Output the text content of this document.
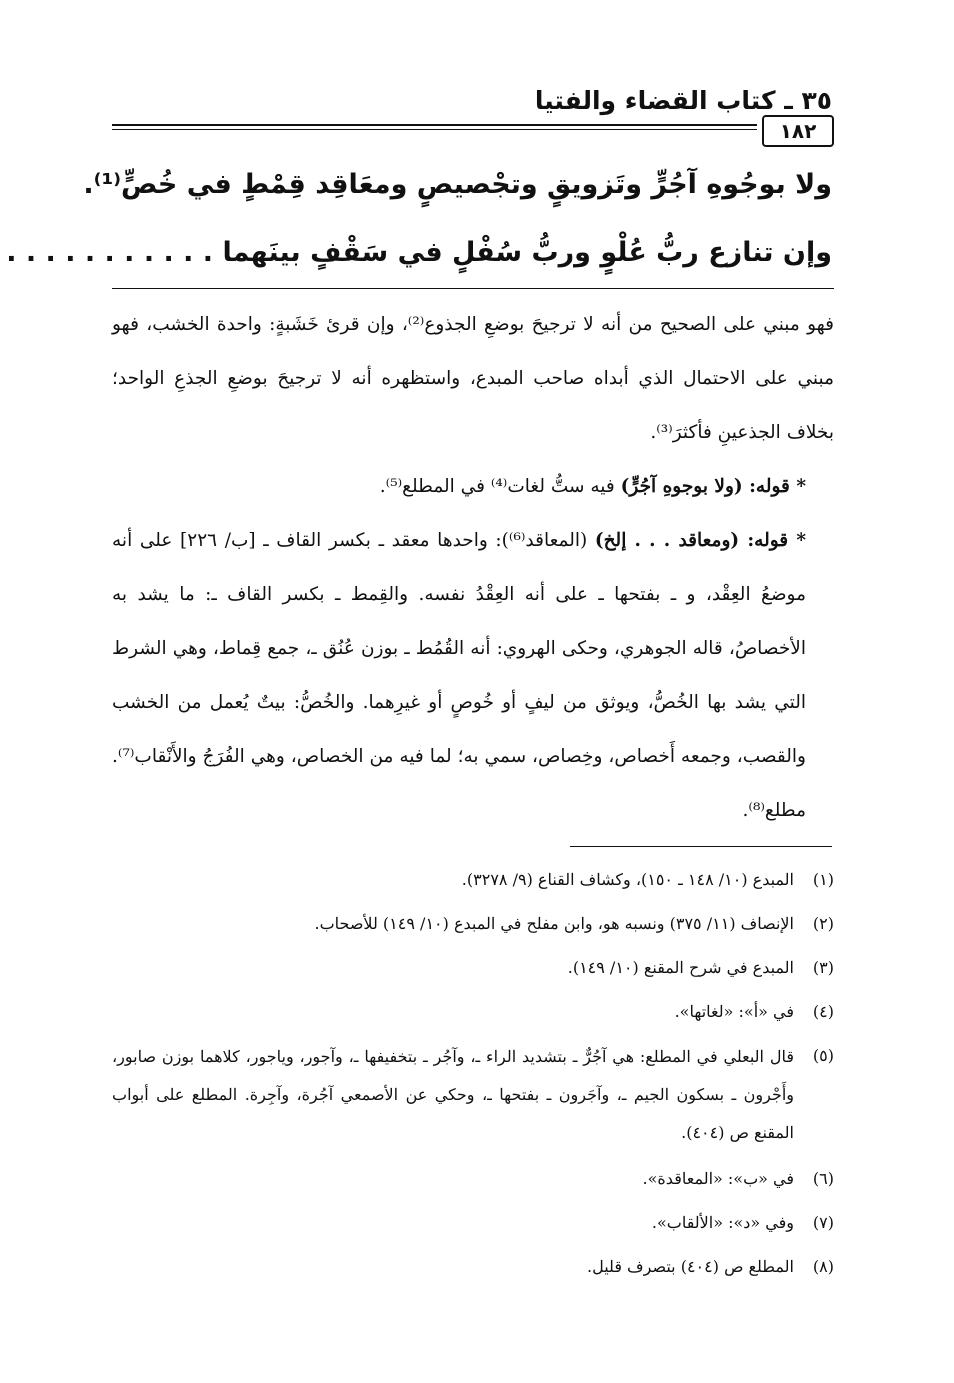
٣٥ ـ كتاب القضاء والفتيا
١٨٢
ولا بوجُوهِ آجُرٍّ وتَزويقٍ وتجْصيصٍ ومعَاقِد قِمْطٍ في خُصٍّ⁽¹⁾.
وإن تنازع ربُّ عُلْوٍ وربُّ سُفْلٍ في سَقْفٍ بينَهما . . . . . . . . . . .

فهو مبني على الصحيح من أنه لا ترجيحَ بوضعِ الجذوع⁽²⁾، وإن قرئ خَشَبةٍ: واحدة الخشب، فهو مبني على الاحتمال الذي أبداه صاحب المبدع، واستظهره أنه لا ترجيحَ بوضعِ الجذعِ الواحد؛ بخلاف الجذعينِ فأكثرَ⁽³⁾.

* قوله: (ولا بوجوهِ آجُرٍّ) فيه ستُّ لغات⁽⁴⁾ في المطلع⁽⁵⁾.

* قوله: (ومعاقد . . . إلخ) (المعاقد⁽⁶⁾): واحدها معقد ـ بكسر القاف ـ [ب/ ٢٢٦] على أنه موضعُ العِقْد، و ـ بفتحها ـ على أنه العِقْدُ نفسه. والقِمط ـ بكسر القاف ـ: ما يشد به الأخصاصُ، قاله الجوهري، وحكى الهروي: أنه القُمُط ـ بوزن عُنُق ـ، جمع قِماط، وهي الشرط التي يشد بها الخُصُّ، ويوثق من ليفٍ أو خُوصٍ أو غيرِهما. والخُصُّ: بيتٌ يُعمل من الخشب والقصب، وجمعه أَخصاص، وخِصاص، سمي به؛ لما فيه من الخصاص، وهي الفُرَجُ والأَنْقاب⁽⁷⁾. مطلع⁽⁸⁾.

(١)
المبدع (١٠/ ١٤٨ ـ ١٥٠)، وكشاف القناع (٩/ ٣٢٧٨).
(٢)
الإنصاف (١١/ ٣٧٥) ونسبه هو، وابن مفلح في المبدع (١٠/ ١٤٩) للأصحاب.
(٣)
المبدع في شرح المقنع (١٠/ ١٤٩).
(٤)
في «أ»: «لغاتها».
(٥)
قال البعلي في المطلع: هي آجُرٌّ ـ بتشديد الراء ـ، وآجُر ـ بتخفيفها ـ، وآجور، وياجور، كلاهما بوزن صابور، وأَجْرون ـ بسكون الجيم ـ، وآجَرون ـ بفتحها ـ، وحكي عن الأصمعي آجُرة، وآجِرة. المطلع على أبواب المقنع ص (٤٠٤).
(٦)
في «ب»: «المعاقدة».
(٧)
وفي «د»: «الألقاب».
(٨)
المطلع ص (٤٠٤) بتصرف قليل.
